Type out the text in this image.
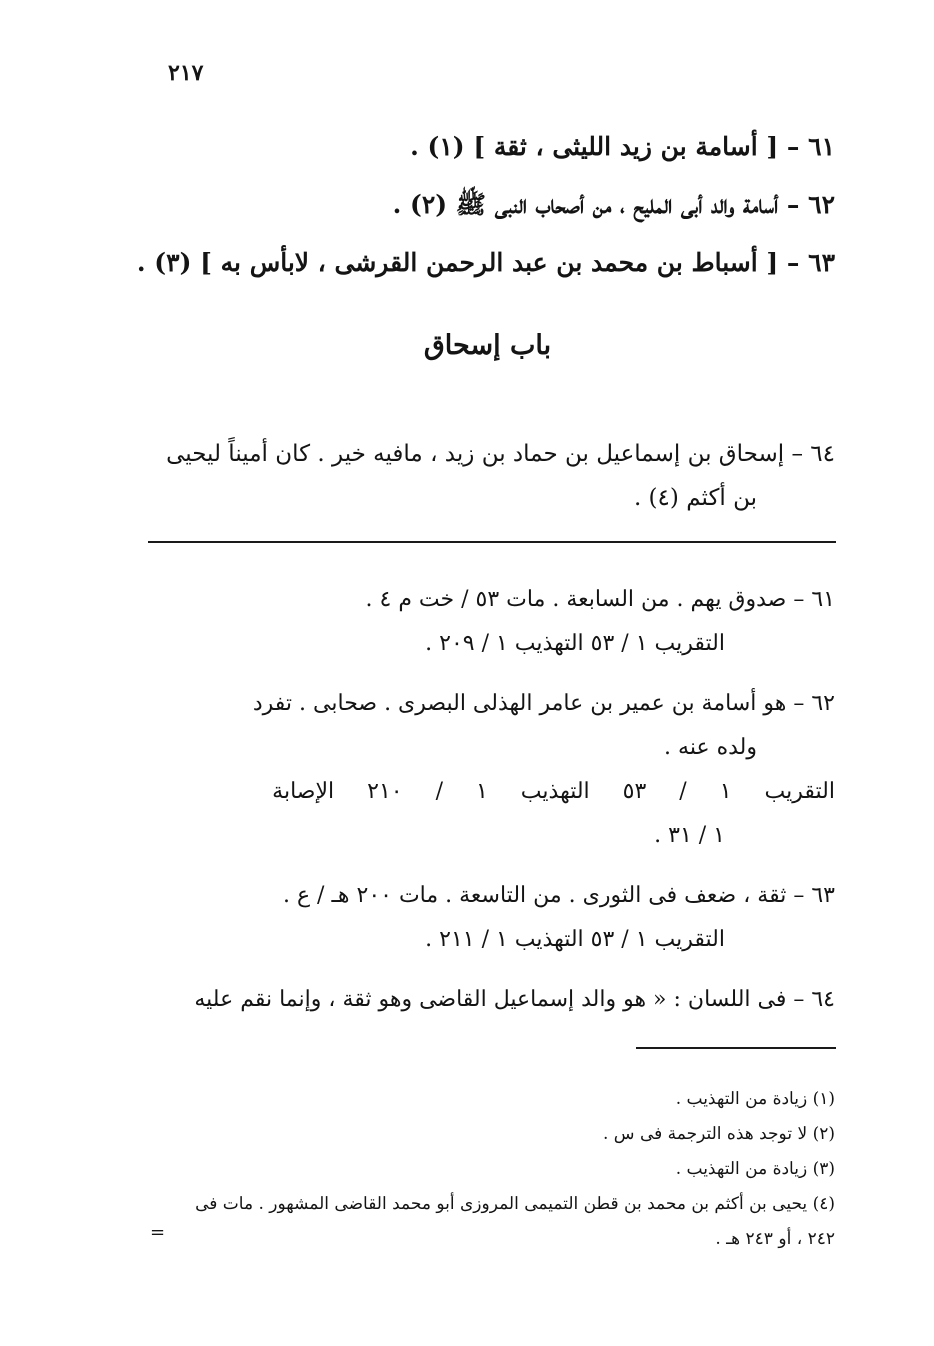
٢١٧
٦١ – [ أسامة بن زيد الليثى ، ثقة ] (١) .
٦٢ – أسامة والد أبى المليح ، من أصحاب النبى ﷺ (٢) .
٦٣ – [ أسباط بن محمد بن عبد الرحمن القرشى ، لابأس به ] (٣) .
باب إسحاق
٦٤ – إسحاق بن إسماعيل بن حماد بن زيد ، مافيه خير . كان أميناً ليحيى
بن أكثم (٤) .
٦١ – صدوق يهم . من السابعة . مات ٥٣ / خت م ٤ .
التقريب ١ / ٥٣ التهذيب ١ / ٢٠٩ .
٦٢ – هو أسامة بن عمير بن عامر الهذلى البصرى . صحابى . تفرد
ولده عنه .
التقريب ١ / ٥٣ التهذيب ١ / ٢١٠ الإصابة
١ / ٣١ .
٦٣ – ثقة ، ضعف فى الثورى . من التاسعة . مات ٢٠٠ هـ / ع .
التقريب ١ / ٥٣ التهذيب ١ / ٢١١ .
٦٤ – فى اللسان : « هو والد إسماعيل القاضى وهو ثقة ، وإنما نقم عليه
(١) زيادة من التهذيب .
(٢) لا توجد هذه الترجمة فى س .
(٣) زيادة من التهذيب .
(٤) يحيى بن أكثم بن محمد بن قطن التميمى المروزى أبو محمد القاضى المشهور . مات فى
٢٤٢ ، أو ٢٤٣ هـ .
=
